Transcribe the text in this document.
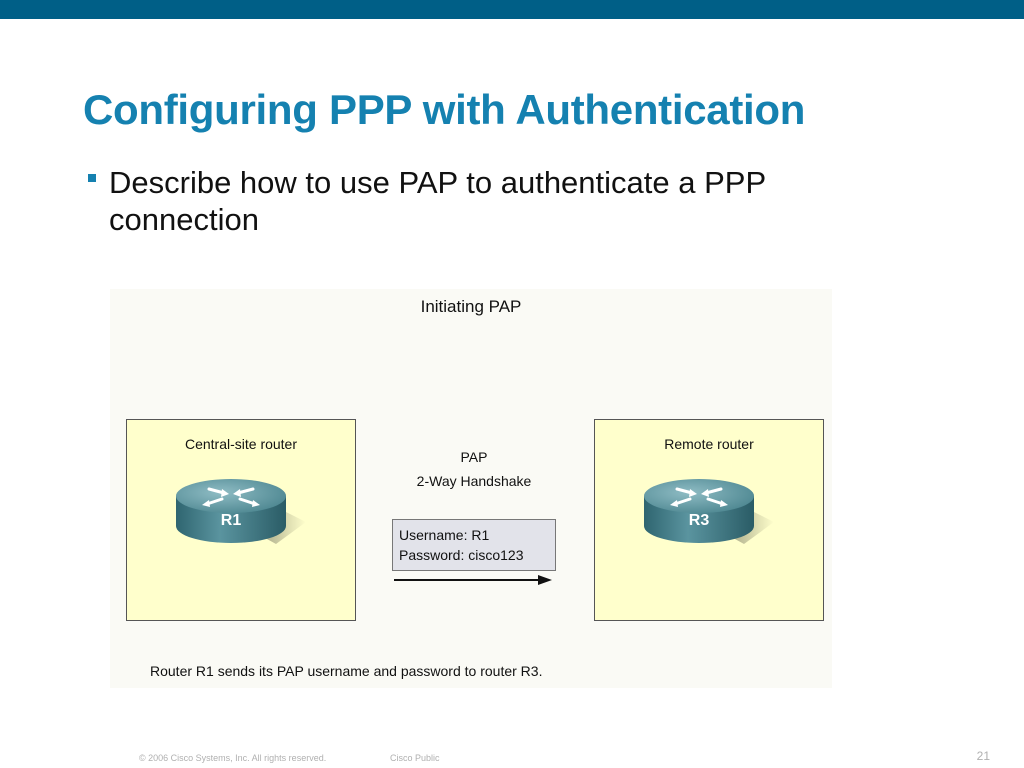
Configuring PPP with Authentication
Describe how to use PAP to authenticate a PPP connection
Initiating PAP
Central-site router
R1
PAP
2-Way Handshake
Username: R1
Password: cisco123
Remote router
R3
Router R1 sends its PAP username and password to router R3.
© 2006 Cisco Systems, Inc. All rights reserved.	Cisco Public	21
